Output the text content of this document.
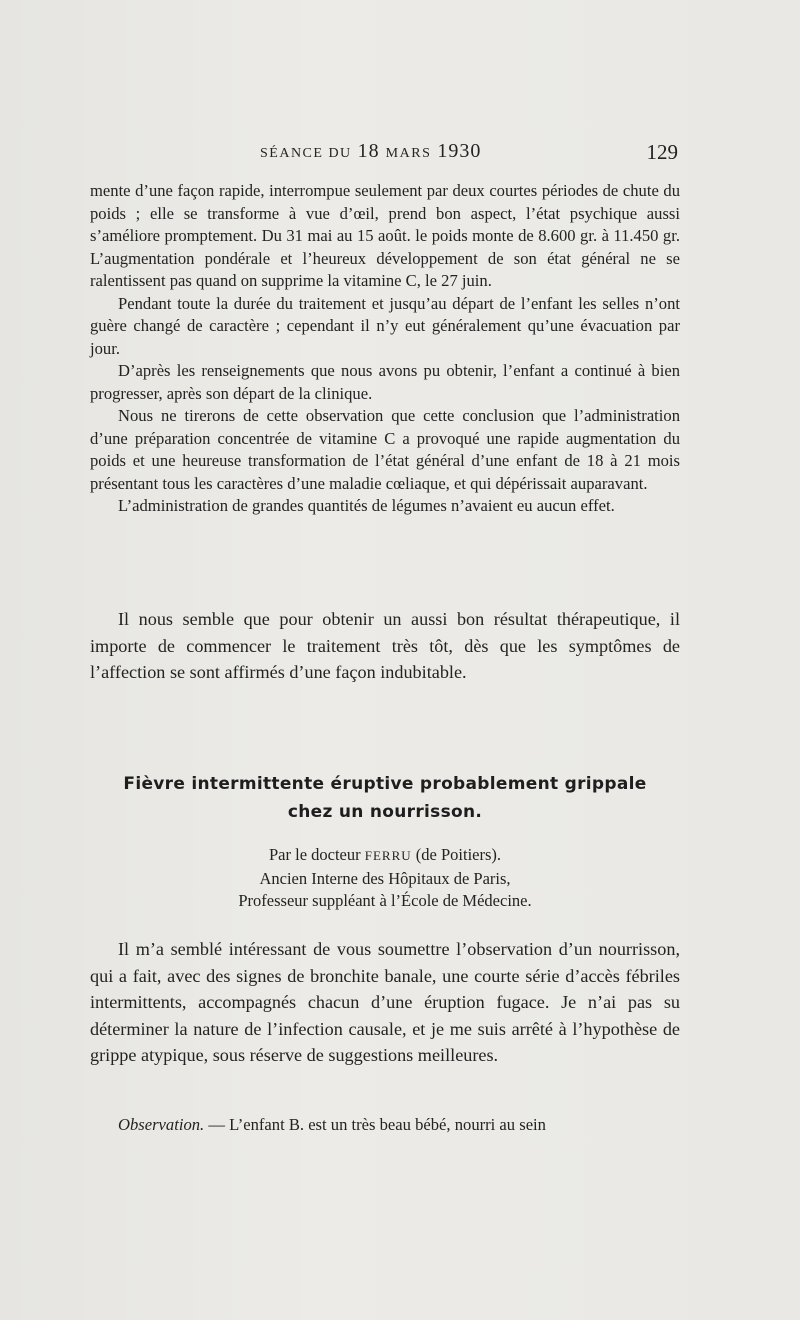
SÉANCE DU 18 MARS 1930	129

mente d’une façon rapide, interrompue seulement par deux courtes périodes de chute du poids ; elle se transforme à vue d’œil, prend bon aspect, l’état psychique aussi s’améliore promptement. Du 31 mai au 15 août. le poids monte de 8.600 gr. à 11.450 gr. L’augmentation pondérale et l’heureux développement de son état général ne se ralentissent pas quand on supprime la vitamine C, le 27 juin.

Pendant toute la durée du traitement et jusqu’au départ de l’enfant les selles n’ont guère changé de caractère ; cependant il n’y eut généralement qu’une évacuation par jour.

D’après les renseignements que nous avons pu obtenir, l’enfant a continué à bien progresser, après son départ de la clinique.

Nous ne tirerons de cette observation que cette conclusion que l’administration d’une préparation concentrée de vitamine C a provoqué une rapide augmentation du poids et une heureuse transformation de l’état général d’une enfant de 18 à 21 mois présentant tous les caractères d’une maladie cœliaque, et qui dépérissait auparavant.

L’administration de grandes quantités de légumes n’avaient eu aucun effet.

Il nous semble que pour obtenir un aussi bon résultat thérapeutique, il importe de commencer le traitement très tôt, dès que les symptômes de l’affection se sont affirmés d’une façon indubitable.

Fièvre intermittente éruptive probablement grippale
chez un nourrisson.
Par le docteur FERRU (de Poitiers).
Ancien Interne des Hôpitaux de Paris,
Professeur suppléant à l’École de Médecine.

Il m’a semblé intéressant de vous soumettre l’observation d’un nourrisson, qui a fait, avec des signes de bronchite banale, une courte série d’accès fébriles intermittents, accompagnés chacun d’une éruption fugace. Je n’ai pas su déterminer la nature de l’infection causale, et je me suis arrêté à l’hypothèse de grippe atypique, sous réserve de suggestions meilleures.

Observation. — L’enfant B. est un très beau bébé, nourri au sein
